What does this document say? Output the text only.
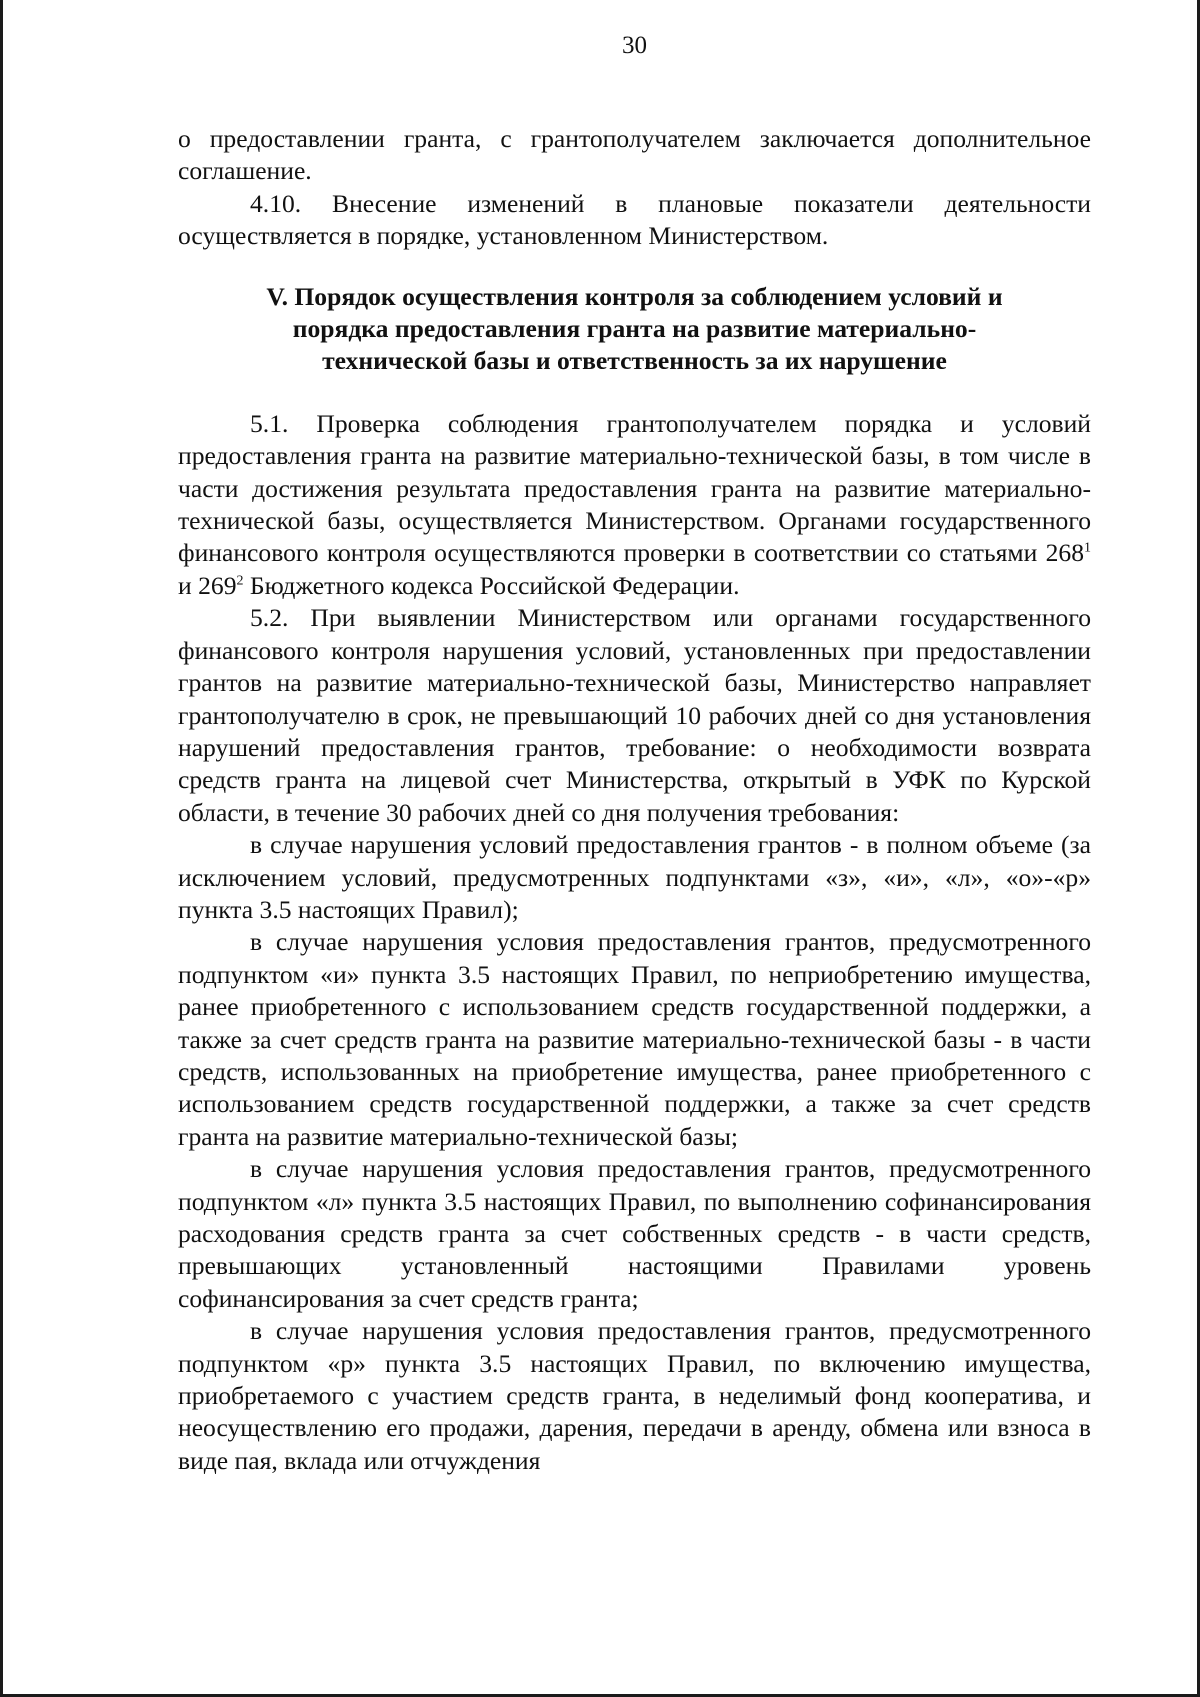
30

о предоставлении гранта, с грантополучателем заключается дополнительное соглашение.

4.10. Внесение изменений в плановые показатели деятельности осуществляется в порядке, установленном Министерством.

V. Порядок осуществления контроля за соблюдением условий и
порядка предоставления гранта на развитие материально-
технической базы и ответственность за их нарушение

5.1. Проверка соблюдения грантополучателем порядка и условий предоставления гранта на развитие материально-технической базы, в том числе в части достижения результата предоставления гранта на развитие материально-технической базы, осуществляется Министерством. Органами государственного финансового контроля осуществляются проверки в соответствии со статьями $268^1$ и $269^2$ Бюджетного кодекса Российской Федерации.

5.2. При выявлении Министерством или органами государственного финансового контроля нарушения условий, установленных при предоставлении грантов на развитие материально-технической базы, Министерство направляет грантополучателю в срок, не превышающий 10 рабочих дней со дня установления нарушений предоставления грантов, требование: о необходимости возврата средств гранта на лицевой счет Министерства, открытый в УФК по Курской области, в течение 30 рабочих дней со дня получения требования:

в случае нарушения условий предоставления грантов - в полном объеме (за исключением условий, предусмотренных подпунктами «з», «и», «л», «о»-«р» пункта 3.5 настоящих Правил);

в случае нарушения условия предоставления грантов, предусмотренного подпунктом «и» пункта 3.5 настоящих Правил, по неприобретению имущества, ранее приобретенного с использованием средств государственной поддержки, а также за счет средств гранта на развитие материально-технической базы - в части средств, использованных на приобретение имущества, ранее приобретенного с использованием средств государственной поддержки, а также за счет средств гранта на развитие материально-технической базы;

в случае нарушения условия предоставления грантов, предусмотренного подпунктом «л» пункта 3.5 настоящих Правил, по выполнению софинансирования расходования средств гранта за счет собственных средств - в части средств, превышающих установленный настоящими Правилами уровень софинансирования за счет средств гранта;

в случае нарушения условия предоставления грантов, предусмотренного подпунктом «р» пункта 3.5 настоящих Правил, по включению имущества, приобретаемого с участием средств гранта, в неделимый фонд кооператива, и неосуществлению его продажи, дарения, передачи в аренду, обмена или взноса в виде пая, вклада или отчуждения
